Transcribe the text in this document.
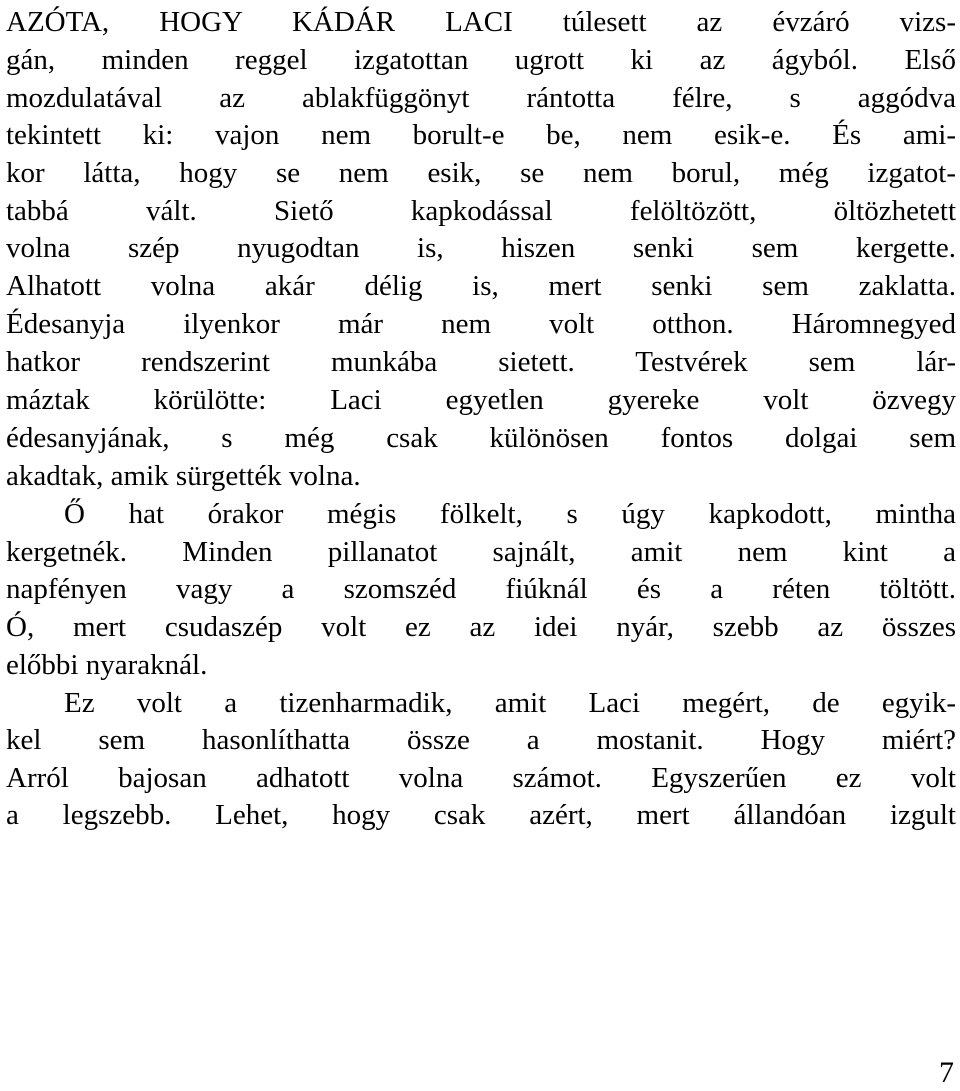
AZÓTA, HOGY KÁDÁR LACI túlesett az évzáró vizs-
gán, minden reggel izgatottan ugrott ki az ágyból. Első
mozdulatával az ablakfüggönyt rántotta félre, s aggódva
tekintett ki: vajon nem borult-e be, nem esik-e. És ami-
kor látta, hogy se nem esik, se nem borul, még izgatot-
tabbá vált. Siető kapkodással felöltözött, öltözhetett
volna szép nyugodtan is, hiszen senki sem kergette.
Alhatott volna akár délig is, mert senki sem zaklatta.
Édesanyja ilyenkor már nem volt otthon. Háromnegyed
hatkor rendszerint munkába sietett. Testvérek sem lár-
máztak körülötte: Laci egyetlen gyereke volt özvegy
édesanyjának, s még csak különösen fontos dolgai sem
akadtak, amik sürgették volna.
Ő hat órakor mégis fölkelt, s úgy kapkodott, mintha
kergetnék. Minden pillanatot sajnált, amit nem kint a
napfényen vagy a szomszéd fiúknál és a réten töltött.
Ó, mert csudaszép volt ez az idei nyár, szebb az összes
előbbi nyaraknál.
Ez volt a tizenharmadik, amit Laci megért, de egyik-
kel sem hasonlíthatta össze a mostanit. Hogy miért?
Arról bajosan adhatott volna számot. Egyszerűen ez volt
a legszebb. Lehet, hogy csak azért, mert állandóan izgult
7
